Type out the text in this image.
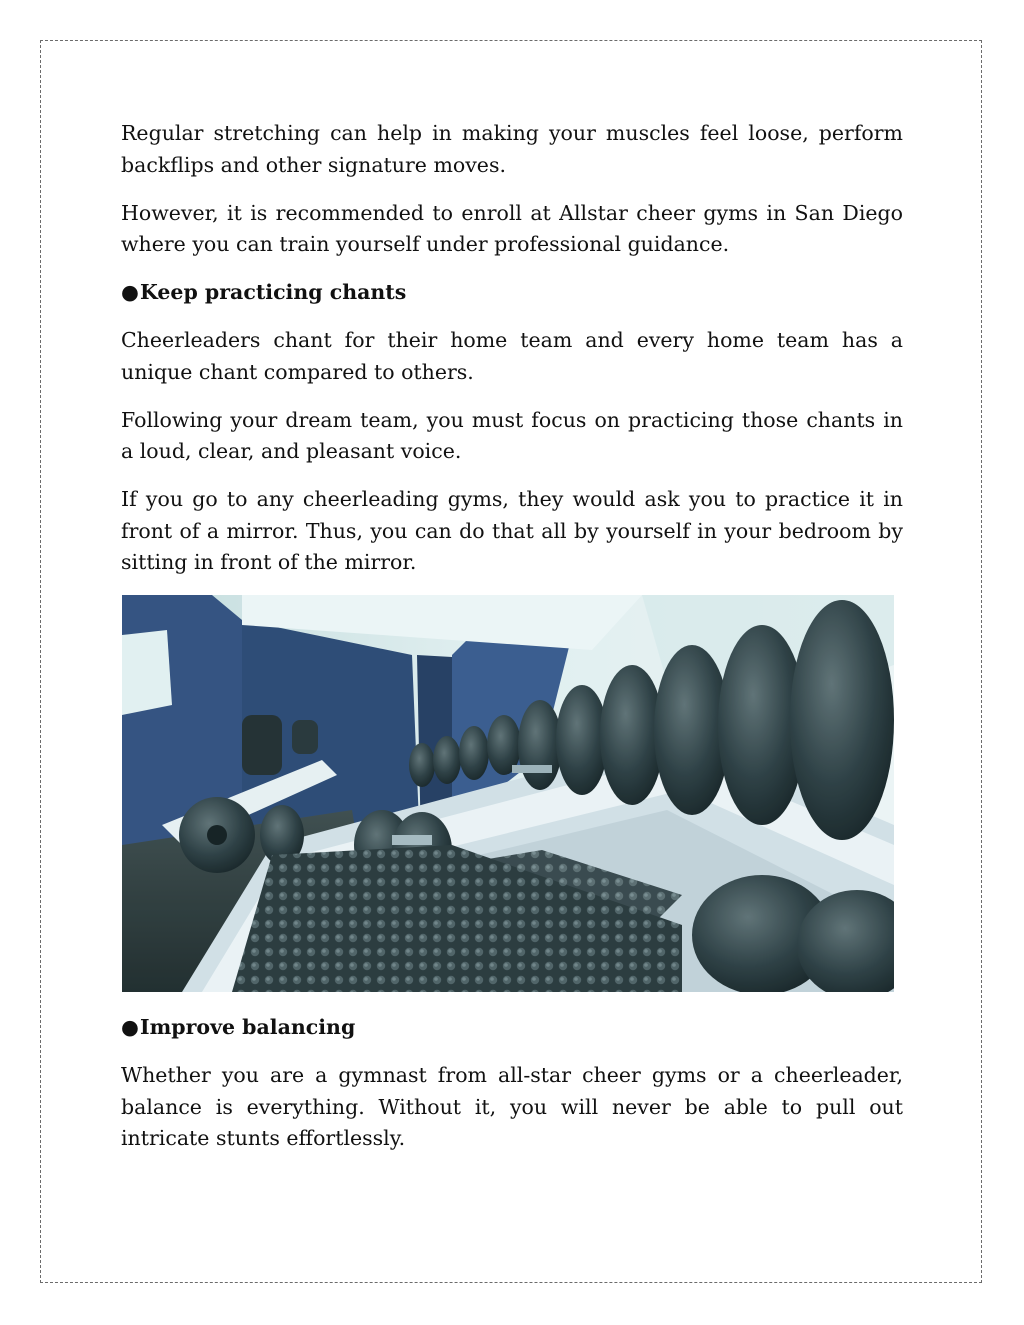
Regular stretching can help in making your muscles feel loose, perform backflips and other signature moves.

However, it is recommended to enroll at Allstar cheer gyms in San Diego where you can train yourself under professional guidance.

●Keep practicing chants

Cheerleaders chant for their home team and every home team has a unique chant compared to others.

Following your dream team, you must focus on practicing those chants in a loud, clear, and pleasant voice.

If you go to any cheerleading gyms, they would ask you to practice it in front of a mirror. Thus, you can do that all by yourself in your bedroom by sitting in front of the mirror.

●Improve balancing

Whether you are a gymnast from all-star cheer gyms or a cheerleader, balance is everything. Without it, you will never be able to pull out intricate stunts effortlessly.
